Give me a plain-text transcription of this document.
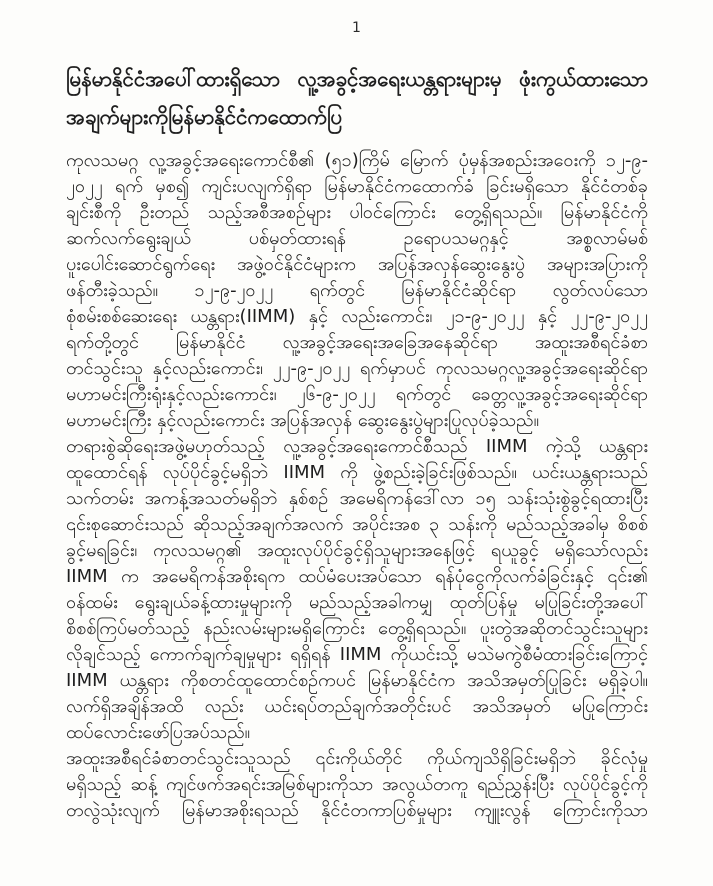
1
မြန်မာနိုင်ငံအပေါ်ထားရှိသော လူ့အခွင့်အရေးယန္တရားများမှ ဖုံးကွယ်ထားသော
အချက်များကိုမြန်မာနိုင်ငံကထောက်ပြ
ကုလသမဂ္ဂ လူ့အခွင့်အရေးကောင်စီ၏ (၅၁)ကြိမ် မြောက် ပုံမှန်အစည်းအဝေးကို ၁၂-၉-
၂၀၂၂ ရက် မှစ၍ ကျင်းပလျက်ရှိရာ မြန်မာနိုင်ငံကထောက်ခံ ခြင်းမရှိသော နိုင်ငံတစ်ခု
ချင်းစီကို ဦးတည် သည့်အစီအစဉ်များ ပါဝင်ကြောင်း တွေ့ရှိရသည်။ မြန်မာနိုင်ငံကို
ဆက်လက်ရွေးချယ် ပစ်မှတ်ထားရန် ဥရောပသမဂ္ဂနှင့် အစ္စလာမ်မစ်
ပူးပေါင်းဆောင်ရွက်ရေး အဖွဲ့ဝင်နိုင်ငံများက အပြန်အလှန်ဆွေးနွေးပွဲ အများအပြားကို
ဖန်တီးခဲ့သည်။ ၁၂-၉-၂၀၂၂ ရက်တွင် မြန်မာနိုင်ငံဆိုင်ရာ လွတ်လပ်သော
စုံစမ်းစစ်ဆေးရေး ယန္တရား(IIMM) နှင့် လည်းကောင်း၊ ၂၁-၉-၂၀၂၂ နှင့် ၂၂-၉-၂၀၂၂
ရက်တို့တွင် မြန်မာနိုင်ငံ လူ့အခွင့်အရေးအခြေအနေဆိုင်ရာ အထူးအစီရင်ခံစာ
တင်သွင်းသူ နှင့်လည်းကောင်း၊ ၂၂-၉-၂၀၂၂ ရက်မှာပင် ကုလသမဂ္ဂလူ့အခွင့်အရေးဆိုင်ရာ
မဟာမင်းကြီးရုံးနှင့်လည်းကောင်း၊ ၂၆-၉-၂၀၂၂ ရက်တွင် ခေတ္တလူ့အခွင့်အရေးဆိုင်ရာ
မဟာမင်းကြီး နှင့်လည်းကောင်း အပြန်အလှန် ဆွေးနွေးပွဲများပြုလုပ်ခဲ့သည်။
တရားစွဲဆိုရေးအဖွဲ့မဟုတ်သည့် လူ့အခွင့်အရေးကောင်စီသည် IIMM ကဲ့သို့ ယန္တရား
ထူထောင်ရန် လုပ်ပိုင်ခွင့်မရှိဘဲ IIMM ကို ဖွဲ့စည်းခဲ့ခြင်းဖြစ်သည်။ ယင်းယန္တရားသည်
သက်တမ်း အကန့်အသတ်မရှိဘဲ နှစ်စဉ် အမေရိကန်ဒေါ်လာ ၁၅ သန်းသုံးစွဲခွင့်ရထားပြီး
၎င်းစုဆောင်းသည် ဆိုသည့်အချက်အလက် အပိုင်းအစ ၃ သန်းကို မည်သည့်အခါမှ စိစစ်
ခွင့်မရခြင်း၊ ကုလသမဂ္ဂ၏ အထူးလုပ်ပိုင်ခွင့်ရှိသူများအနေဖြင့် ရယူခွင့် မရှိသော်လည်း
IIMM က အမေရိကန်အစိုးရက ထပ်မံပေးအပ်သော ရန်ပုံငွေကိုလက်ခံခြင်းနှင့် ၎င်း၏
ဝန်ထမ်း ရွေးချယ်ခန့်ထားမှုများကို မည်သည့်အခါကမျှ ထုတ်ပြန်မှု မပြုခြင်းတို့အပေါ်
စိစစ်ကြပ်မတ်သည့် နည်းလမ်းများမရှိကြောင်း တွေ့ရှိရသည်။ ပူးတွဲအဆိုတင်သွင်းသူများ
လိုချင်သည့် ကောက်ချက်ချမှုများ ရရှိရန် IIMM ကိုယင်းသို့ မသဲမကွဲစီမံထားခြင်းကြောင့်
IIMM ယန္တရား ကိုစတင်ထူထောင်စဉ်ကပင် မြန်မာနိုင်ငံက အသိအမှတ်ပြုခြင်း မရှိခဲ့ပါ။
လက်ရှိအချိန်အထိ လည်း ယင်းရပ်တည်ချက်အတိုင်းပင် အသိအမှတ် မပြုကြောင်း
ထပ်လောင်းဖော်ပြအပ်သည်။
အထူးအစီရင်ခံစာတင်သွင်းသူသည် ၎င်းကိုယ်တိုင် ကိုယ်ကျသိရှိခြင်းမရှိဘဲ ခိုင်လုံမှု
မရှိသည့် ဆန့် ကျင်ဖက်အရင်းအမြစ်များကိုသာ အလွယ်တကူ ရည်ညွှန်းပြီး လုပ်ပိုင်ခွင့်ကို
တလွဲသုံးလျက် မြန်မာအစိုးရသည် နိုင်ငံတကာပြစ်မှုများ ကျူးလွန် ကြောင်းကိုသာ
